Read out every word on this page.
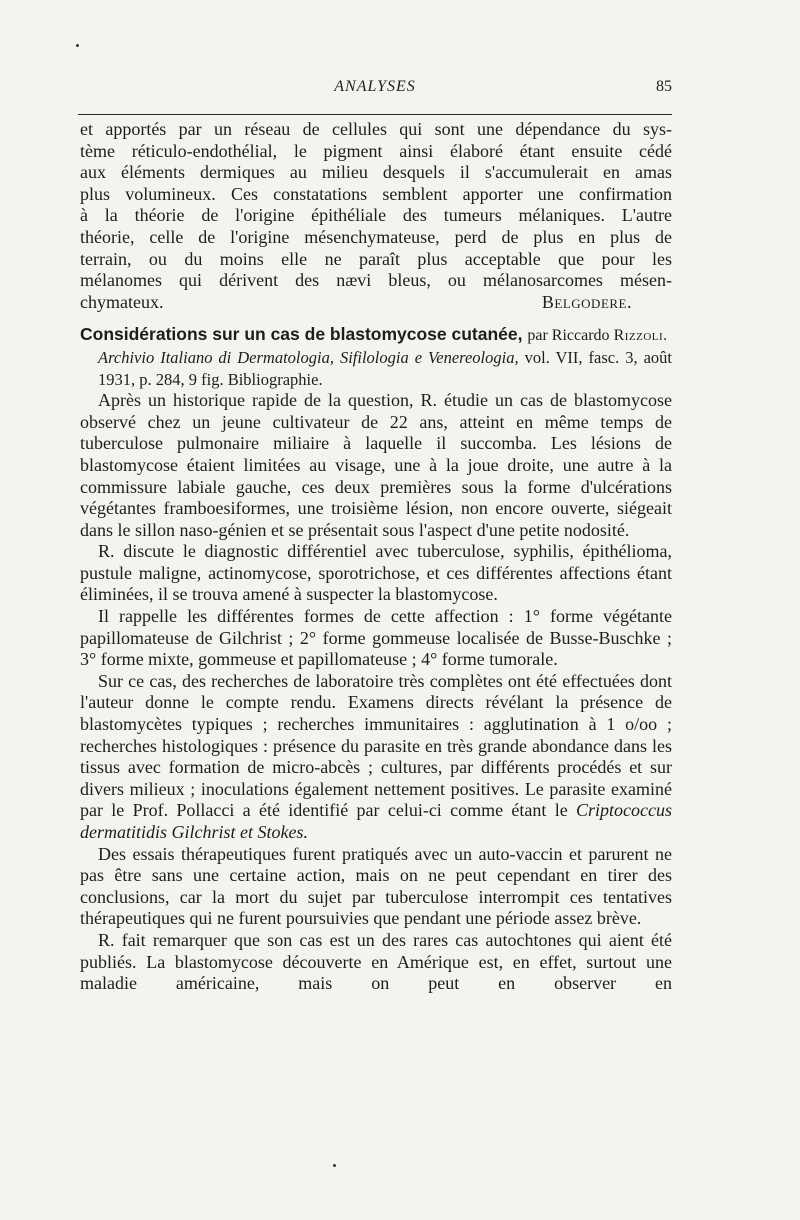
ANALYSES	85

et apportés par un réseau de cellules qui sont une dépendance du sys-

tème réticulo-endothélial, le pigment ainsi élaboré étant ensuite cédé

aux éléments dermiques au milieu desquels il s'accumulerait en amas

plus volumineux. Ces constatations semblent apporter une confirmation

à la théorie de l'origine épithéliale des tumeurs mélaniques. L'autre

théorie, celle de l'origine mésenchymateuse, perd de plus en plus de

terrain, ou du moins elle ne paraît plus acceptable que pour les

mélanomes qui dérivent des nævi bleus, ou mélanosarcomes mésen-

chymateux.	Belgodere.

Considérations sur un cas de blastomycose cutanée, par Riccardo Rizzoli.

Archivio Italiano di Dermatologia, Sifilologia e Venereologia, vol. VII, fasc. 3, août 1931, p. 284, 9 fig. Bibliographie.

Après un historique rapide de la question, R. étudie un cas de blastomycose observé chez un jeune cultivateur de 22 ans, atteint en même temps de tuberculose pulmonaire miliaire à laquelle il succomba. Les lésions de blastomycose étaient limitées au visage, une à la joue droite, une autre à la commissure labiale gauche, ces deux premières sous la forme d'ulcérations végétantes framboesiformes, une troisième lésion, non encore ouverte, siégeait dans le sillon naso-génien et se présentait sous l'aspect d'une petite nodosité.

R. discute le diagnostic différentiel avec tuberculose, syphilis, épithélioma, pustule maligne, actinomycose, sporotrichose, et ces différentes affections étant éliminées, il se trouva amené à suspecter la blastomycose.

Il rappelle les différentes formes de cette affection : 1° forme végétante papillomateuse de Gilchrist ; 2° forme gommeuse localisée de Busse-Buschke ; 3° forme mixte, gommeuse et papillomateuse ; 4° forme tumorale.

Sur ce cas, des recherches de laboratoire très complètes ont été effectuées dont l'auteur donne le compte rendu. Examens directs révélant la présence de blastomycètes typiques ; recherches immunitaires : agglutination à 1 o/oo ; recherches histologiques : présence du parasite en très grande abondance dans les tissus avec formation de micro-abcès ; cultures, par différents procédés et sur divers milieux ; inoculations également nettement positives. Le parasite examiné par le Prof. Pollacci a été identifié par celui-ci comme étant le Criptococcus dermatitidis Gilchrist et Stokes.

Des essais thérapeutiques furent pratiqués avec un auto-vaccin et parurent ne pas être sans une certaine action, mais on ne peut cependant en tirer des conclusions, car la mort du sujet par tuberculose interrompit ces tentatives thérapeutiques qui ne furent poursuivies que pendant une période assez brève.

R. fait remarquer que son cas est un des rares cas autochtones qui aient été publiés. La blastomycose découverte en Amérique est, en effet, surtout une maladie américaine, mais on peut en observer en
